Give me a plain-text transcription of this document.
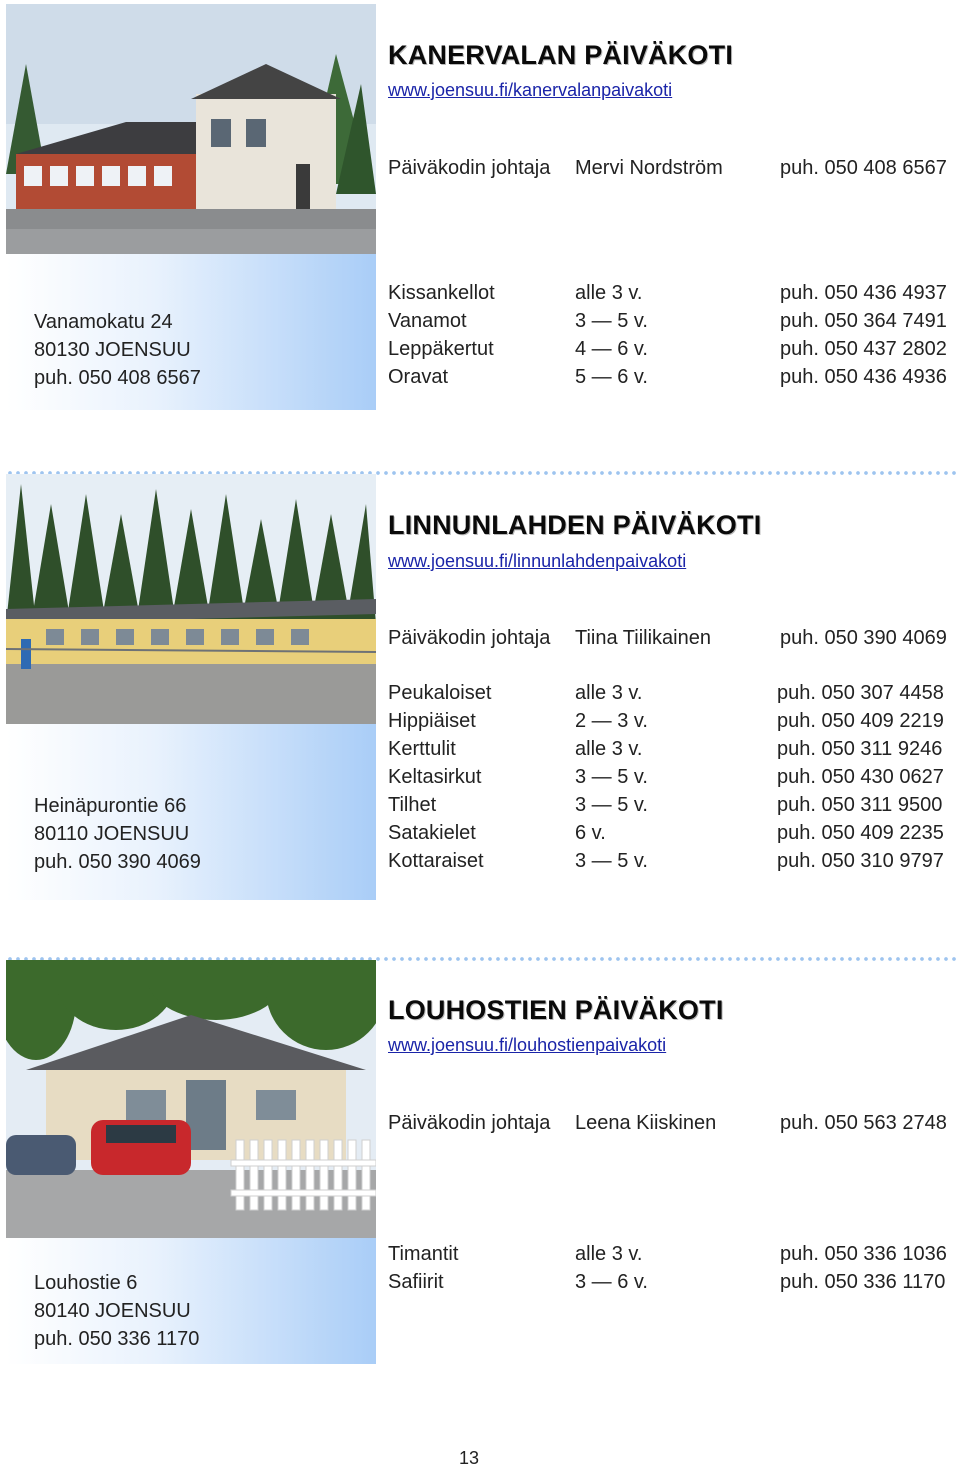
KANERVALAN PÄIVÄKOTI
www.joensuu.fi/kanervalanpaivakoti
Päiväkodin johtaja Mervi Nordström	puh. 050 408 6567
Kissankellot	alle 3 v.	puh. 050 436 4937
Vanamot	3 — 5 v.	puh. 050 364 7491
Leppäkertut	4 — 6 v.	puh. 050 437 2802
Oravat	5 — 6 v.	puh. 050 436 4936
Vanamokatu 24
80130 JOENSUU
puh. 050 408 6567
LINNUNLAHDEN PÄIVÄKOTI
www.joensuu.fi/linnunlahdenpaivakoti
Päiväkodin johtaja Tiina Tiilikainen	puh. 050 390 4069
Peukaloiset	alle 3 v.	puh. 050 307 4458
Hippiäiset	2 — 3 v.	puh. 050 409 2219
Kerttulit	alle 3 v.	puh. 050 311 9246
Keltasirkut	3 — 5 v.	puh. 050 430 0627
Tilhet	3 — 5 v.	puh. 050 311 9500
Satakielet	6 v.	puh. 050 409 2235
Kottaraiset	3 — 5 v.	puh. 050 310 9797
Heinäpurontie 66
80110 JOENSUU
puh. 050 390 4069
LOUHOSTIEN PÄIVÄKOTI
www.joensuu.fi/louhostienpaivakoti
Päiväkodin johtaja Leena Kiiskinen	puh. 050 563 2748
Timantit	alle 3 v.	puh. 050 336 1036
Safiirit	3 — 6 v.	puh. 050 336 1170
Louhostie 6
80140 JOENSUU
puh. 050 336 1170
13
